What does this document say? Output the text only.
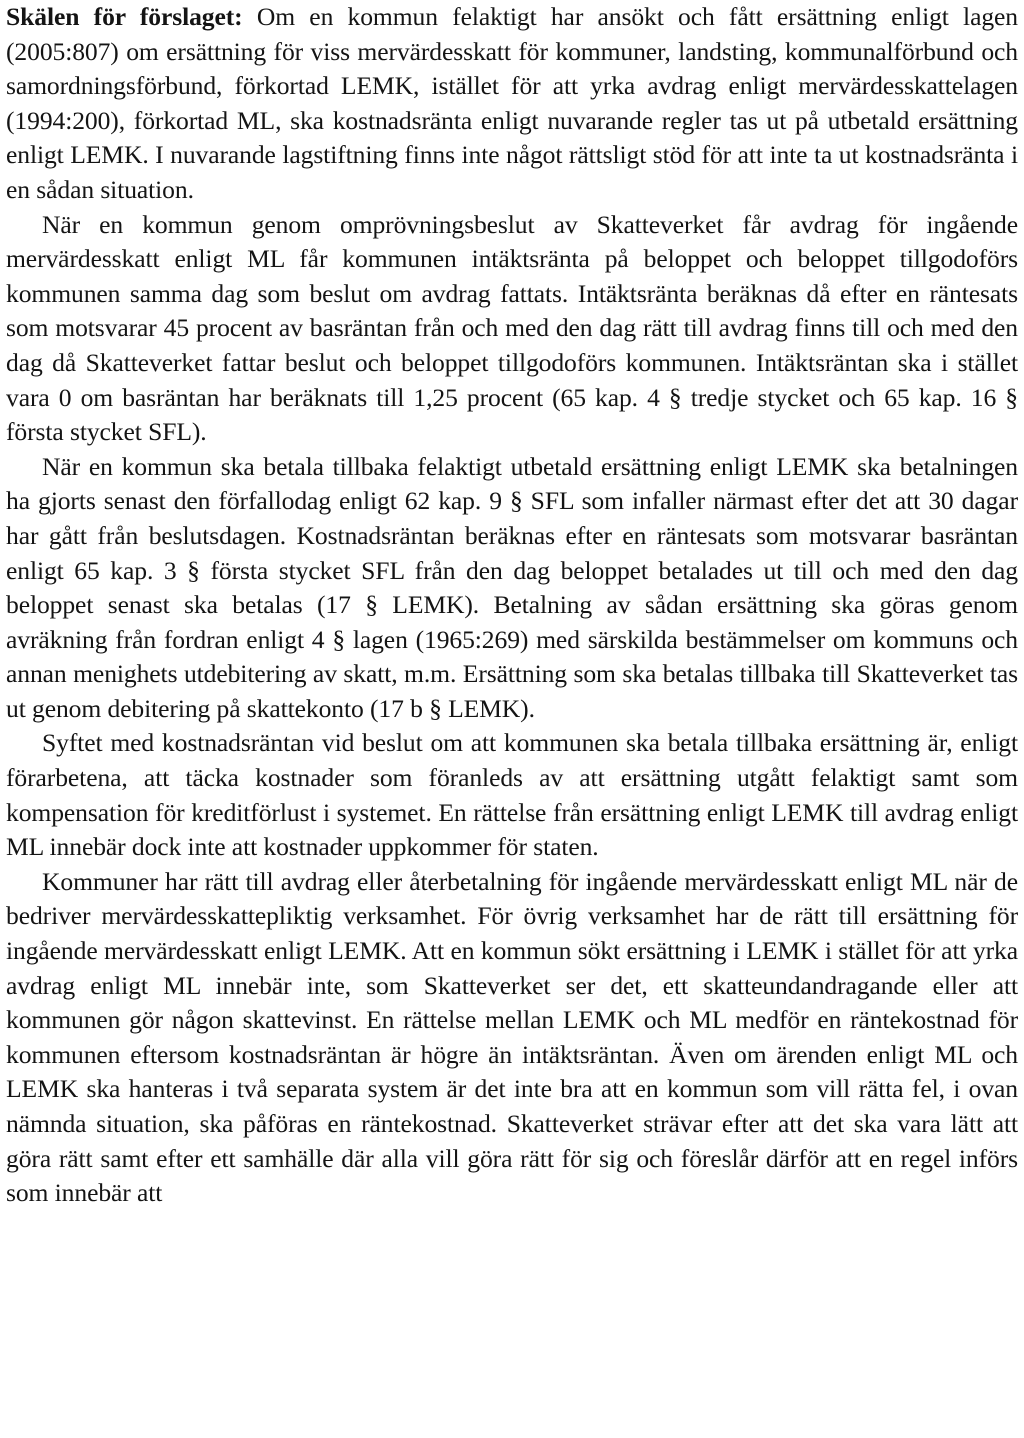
Skälen för förslaget: Om en kommun felaktigt har ansökt och fått ersättning enligt lagen (2005:807) om ersättning för viss mervärdesskatt för kommuner, landsting, kommunalförbund och samordningsförbund, förkortad LEMK, istället för att yrka avdrag enligt mervärdesskattelagen (1994:200), förkortad ML, ska kostnadsränta enligt nuvarande regler tas ut på utbetald ersättning enligt LEMK. I nuvarande lagstiftning finns inte något rättsligt stöd för att inte ta ut kostnadsränta i en sådan situation.

När en kommun genom omprövningsbeslut av Skatteverket får avdrag för ingående mervärdesskatt enligt ML får kommunen intäktsränta på beloppet och beloppet tillgodoförs kommunen samma dag som beslut om avdrag fattats. Intäktsränta beräknas då efter en räntesats som motsvarar 45 procent av basräntan från och med den dag rätt till avdrag finns till och med den dag då Skatteverket fattar beslut och beloppet tillgodoförs kommunen. Intäktsräntan ska i stället vara 0 om basräntan har beräknats till 1,25 procent (65 kap. 4 § tredje stycket och 65 kap. 16 § första stycket SFL).

När en kommun ska betala tillbaka felaktigt utbetald ersättning enligt LEMK ska betalningen ha gjorts senast den förfallodag enligt 62 kap. 9 § SFL som infaller närmast efter det att 30 dagar har gått från beslutsdagen. Kostnadsräntan beräknas efter en räntesats som motsvarar basräntan enligt 65 kap. 3 § första stycket SFL från den dag beloppet betalades ut till och med den dag beloppet senast ska betalas (17 § LEMK). Betalning av sådan ersättning ska göras genom avräkning från fordran enligt 4 § lagen (1965:269) med särskilda bestämmelser om kommuns och annan menighets utdebitering av skatt, m.m. Ersättning som ska betalas tillbaka till Skatteverket tas ut genom debitering på skattekonto (17 b § LEMK).

Syftet med kostnadsräntan vid beslut om att kommunen ska betala tillbaka ersättning är, enligt förarbetena, att täcka kostnader som föranleds av att ersättning utgått felaktigt samt som kompensation för kreditförlust i systemet. En rättelse från ersättning enligt LEMK till avdrag enligt ML innebär dock inte att kostnader uppkommer för staten.

Kommuner har rätt till avdrag eller återbetalning för ingående mervärdesskatt enligt ML när de bedriver mervärdesskattepliktig verksamhet. För övrig verksamhet har de rätt till ersättning för ingående mervärdesskatt enligt LEMK. Att en kommun sökt ersättning i LEMK i stället för att yrka avdrag enligt ML innebär inte, som Skatteverket ser det, ett skatteundandragande eller att kommunen gör någon skattevinst. En rättelse mellan LEMK och ML medför en räntekostnad för kommunen eftersom kostnadsräntan är högre än intäktsräntan. Även om ärenden enligt ML och LEMK ska hanteras i två separata system är det inte bra att en kommun som vill rätta fel, i ovan nämnda situation, ska påföras en räntekostnad. Skatteverket strävar efter att det ska vara lätt att göra rätt samt efter ett samhälle där alla vill göra rätt för sig och föreslår därför att en regel införs som innebär att
